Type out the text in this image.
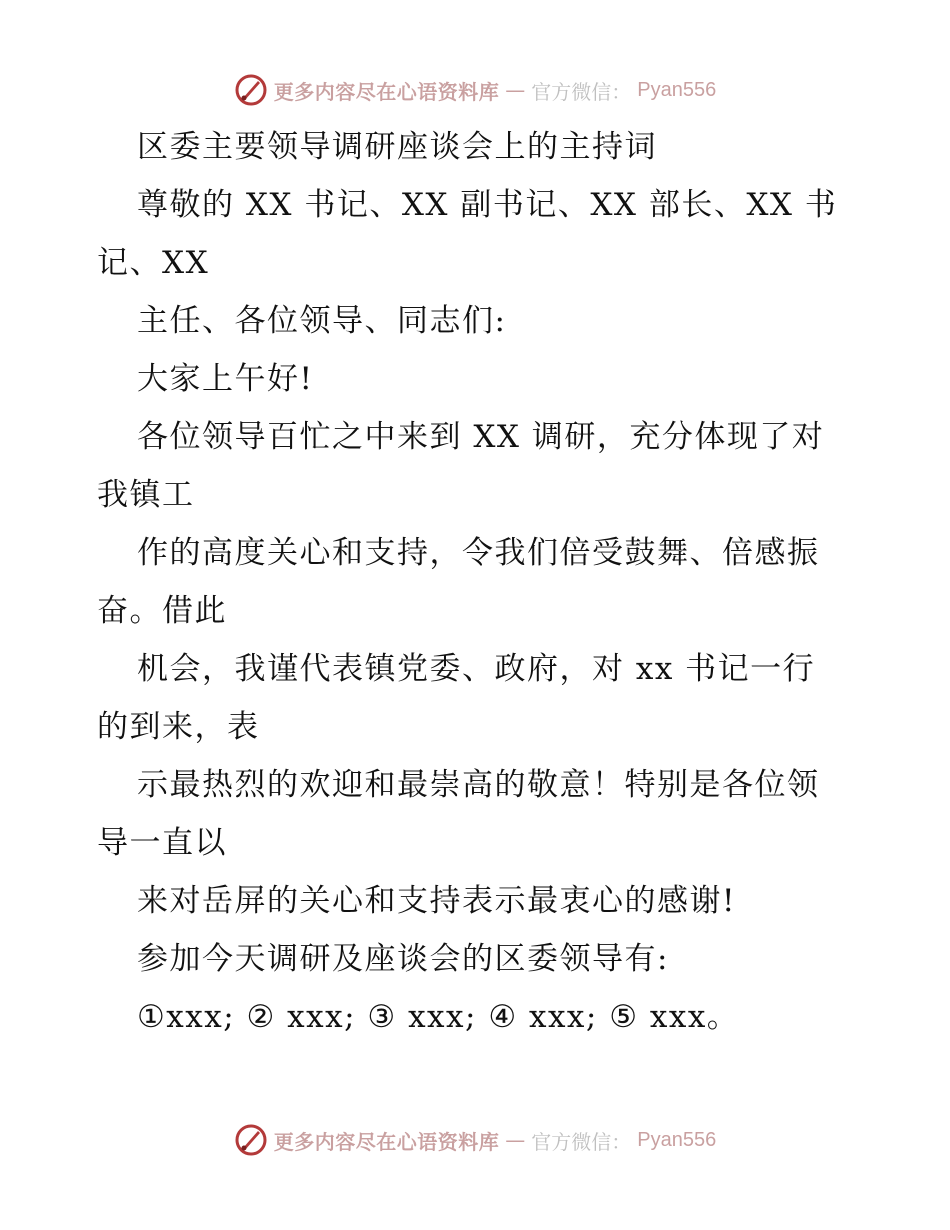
更多内容尽在心语资料库 — 官方微信： Pyan556
区委主要领导调研座谈会上的主持词
尊敬的 XX 书记、XX 副书记、XX 部长、XX 书
记、XX
主任、各位领导、同志们:
大家上午好!
各位领导百忙之中来到 XX 调研，充分体现了对
我镇工
作的高度关心和支持，令我们倍受鼓舞、倍感振
奋。借此
机会，我谨代表镇党委、政府，对 xx 书记一行
的到来，表
示最热烈的欢迎和最崇高的敬意！特别是各位领
导一直以
来对岳屏的关心和支持表示最衷心的感谢!
参加今天调研及座谈会的区委领导有:
①xxx; ② xxx; ③ xxx; ④ xxx; ⑤ xxx。
更多内容尽在心语资料库 — 官方微信： Pyan556
